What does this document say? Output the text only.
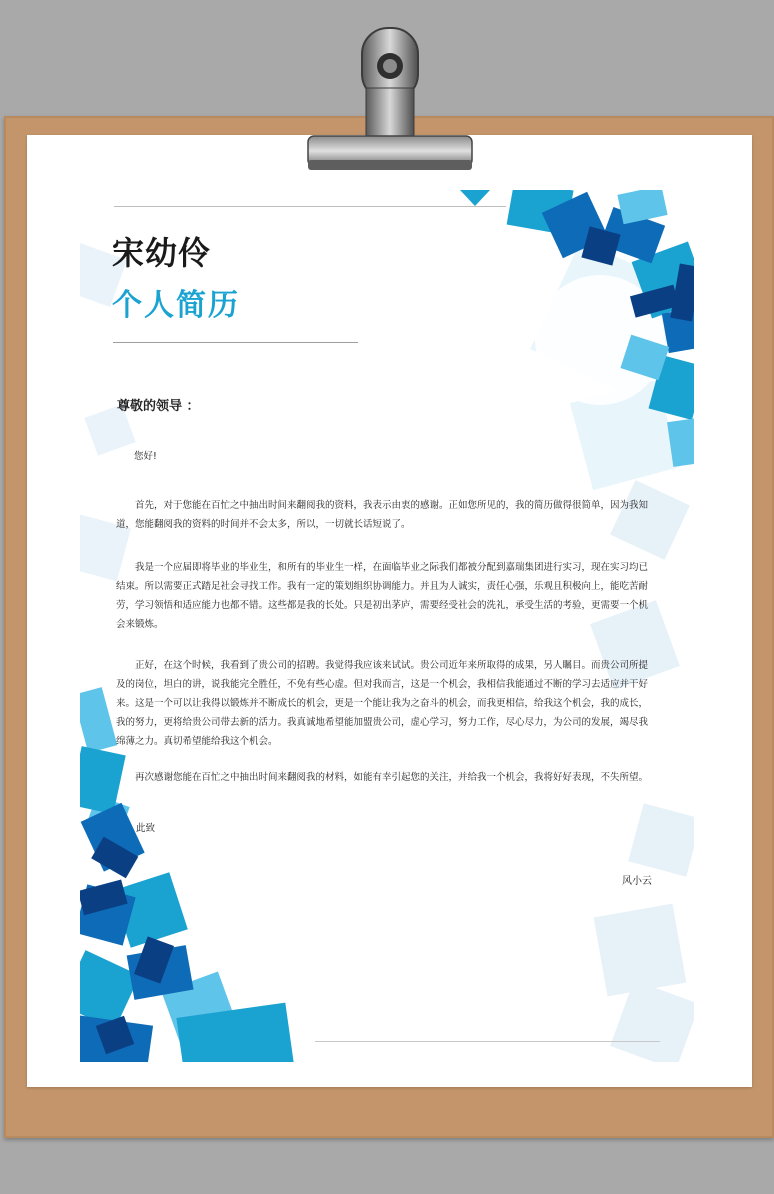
宋幼伶
个人简历

尊敬的领导 ：

您好!

首先，对于您能在百忙之中抽出时间来翻阅我的资料，我表示由衷的感谢。正如您所见的，我的简历做得很简单，因为我知道，您能翻阅我的资料的时间并不会太多，所以，一切就长话短说了。

我是一个应届即将毕业的毕业生，和所有的毕业生一样，在面临毕业之际我们都被分配到嘉瑞集团进行实习，现在实习均已结束。所以需要正式踏足社会寻找工作。我有一定的策划组织协调能力。并且为人诚实，责任心强，乐观且积极向上，能吃苦耐劳，学习领悟和适应能力也都不错。这些都是我的长处。只是初出茅庐，需要经受社会的洗礼，承受生活的考验，更需要一个机会来锻炼。

正好，在这个时候，我看到了贵公司的招聘。我觉得我应该来试试。贵公司近年来所取得的成果，另人瞩目。而贵公司所提及的岗位，坦白的讲，说我能完全胜任，不免有些心虚。但对我而言，这是一个机会，我相信我能通过不断的学习去适应并干好来。这是一个可以让我得以锻炼并不断成长的机会，更是一个能让我为之奋斗的机会，而我更相信，给我这个机会，我的成长，我的努力，更将给贵公司带去新的活力。我真诚地希望能加盟贵公司，虚心学习，努力工作，尽心尽力，为公司的发展，竭尽我绵薄之力。真切希望能给我这个机会。

再次感谢您能在百忙之中抽出时间来翻阅我的材料，如能有幸引起您的关注，并给我一个机会，我将好好表现，不失所望。

此致

风小云
